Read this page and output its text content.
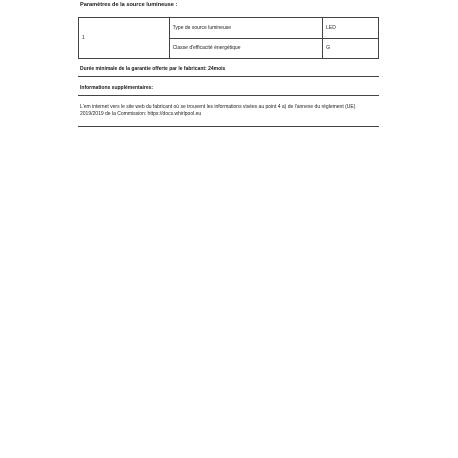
Paramètres de la source lumineuse :
1	Type de source lumineuse	LED
	Classe d'efficacité énergétique	G
Durée minimale de la garantie offerte par le fabricant: 24mois
Informations supplémentaires:
L'em internet vers le site web du fabricant où se trouvent les informations visées au point 4 a) de l'annexe du règlement (UE) 2019/2019 de la Commission: https://docs.whirlpool.eu
